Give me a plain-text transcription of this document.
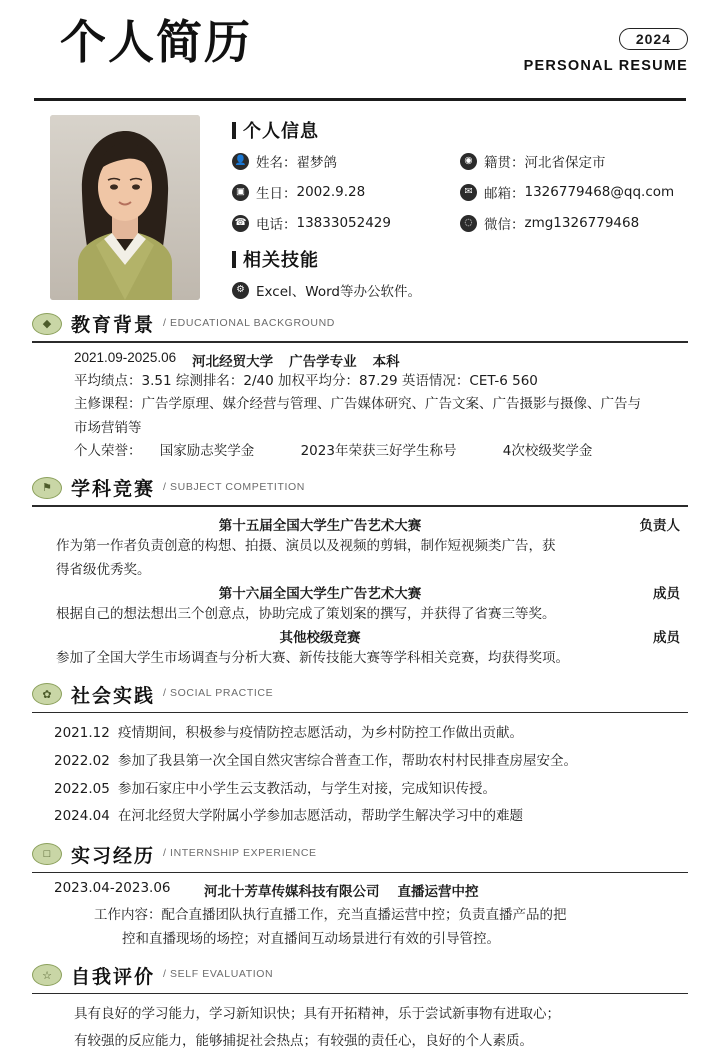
个人简历	2024
PERSONAL RESUME
个人信息
👤 姓名： 翟梦鸽	◉ 籍贯： 河北省保定市
▣ 生日： 2002.9.28	✉ 邮箱： 1326779468@qq.com
☎ 电话： 13833052429	◌ 微信： zmg1326779468
相关技能
⚙ Excel、Word等办公软件。
◆ 教育背景 / EDUCATIONAL BACKGROUND
2021.09-2025.06 河北经贸大学 广告学专业 本科
平均绩点：3.51 综测排名：2/40 加权平均分：87.29 英语情况：CET-6 560
主修课程：广告学原理、媒介经营与管理、广告媒体研究、广告文案、广告摄影与摄像、广告与
市场营销等
个人荣誉： 国家励志奖学金	2023年荣获三好学生称号	4次校级奖学金
⚑ 学科竞赛 / SUBJECT COMPETITION
第十五届全国大学生广告艺术大赛	负责人
作为第一作者负责创意的构想、拍摄、演员以及视频的剪辑，制作短视频类广告，获
得省级优秀奖。
第十六届全国大学生广告艺术大赛	成员
根据自己的想法想出三个创意点，协助完成了策划案的撰写，并获得了省赛三等奖。
其他校级竞赛	成员
参加了全国大学生市场调查与分析大赛、新传技能大赛等学科相关竞赛，均获得奖项。
✿ 社会实践 / SOCIAL PRACTICE
2021.12 疫情期间，积极参与疫情防控志愿活动，为乡村防控工作做出贡献。
2022.02 参加了我县第一次全国自然灾害综合普查工作，帮助农村村民排查房屋安全。
2022.05 参加石家庄中小学生云支教活动，与学生对接，完成知识传授。
2024.04 在河北经贸大学附属小学参加志愿活动，帮助学生解决学习中的难题
□ 实习经历 / INTERNSHIP EXPERIENCE
2023.04-2023.06	河北十芳草传媒科技有限公司	直播运营中控
工作内容：配合直播团队执行直播工作，充当直播运营中控；负责直播产品的把
控和直播现场的场控；对直播间互动场景进行有效的引导管控。
☆ 自我评价 / SELF EVALUATION
具有良好的学习能力，学习新知识快；具有开拓精神，乐于尝试新事物有进取心；
有较强的反应能力，能够捕捉社会热点；有较强的责任心，良好的个人素质。
